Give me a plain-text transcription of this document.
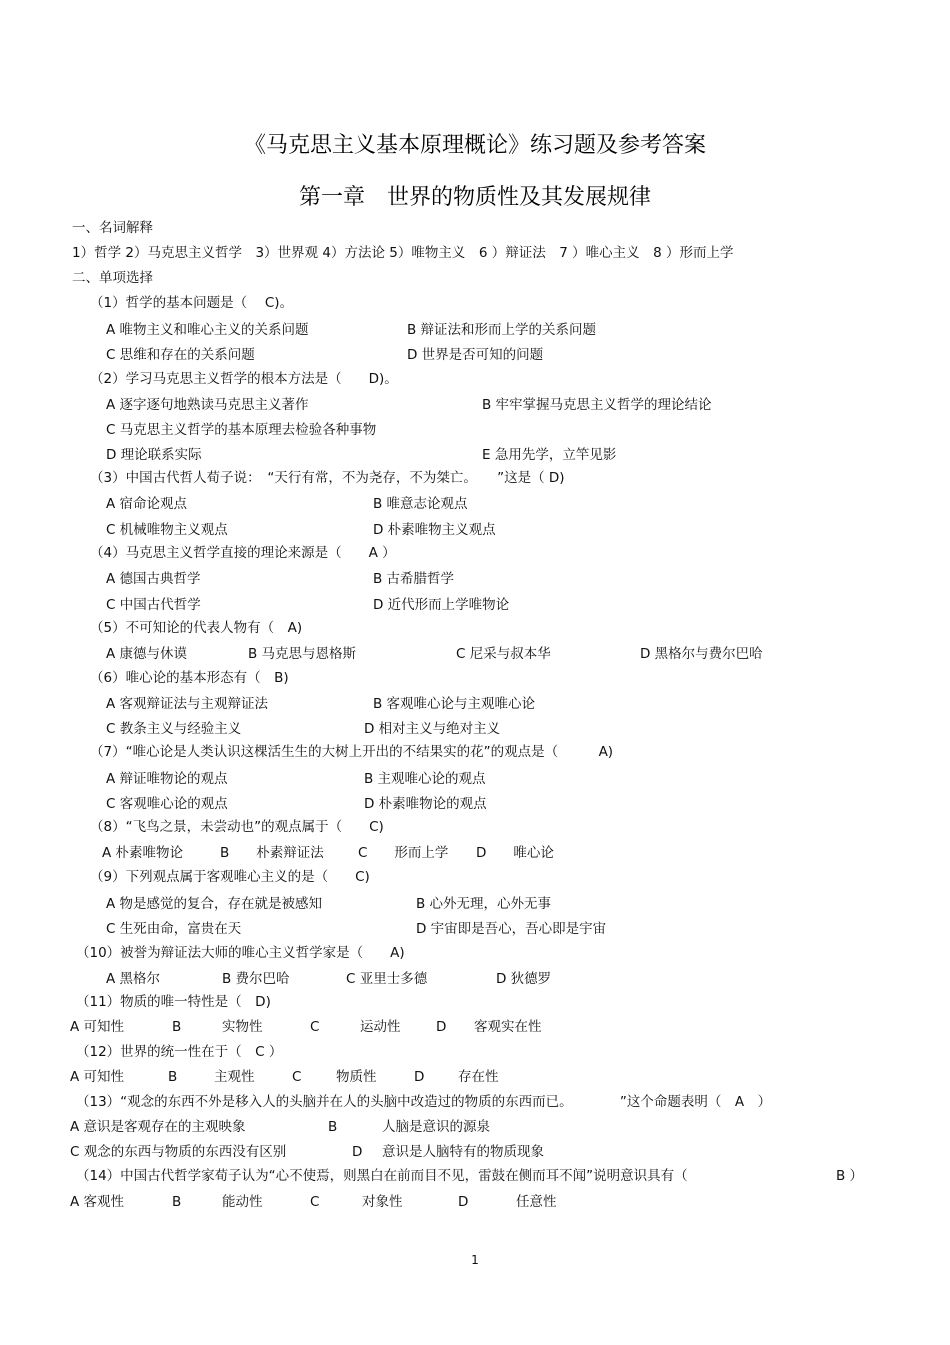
《马克思主义基本原理概论》练习题及参考答案
第一章　世界的物质性及其发展规律
一、名词解释
1）哲学 2）马克思主义哲学　3）世界观 4）方法论 5）唯物主义　6 ）辩证法　7 ）唯心主义　8 ）形而上学
二、单项选择
（1）哲学的基本问题是（　 C)。
A 唯物主义和唯心主义的关系问题	B 辩证法和形而上学的关系问题
C 思维和存在的关系问题	D 世界是否可知的问题
（2）学习马克思主义哲学的根本方法是（　　D)。
A 逐字逐句地熟读马克思主义著作	B 牢牢掌握马克思主义哲学的理论结论
C 马克思主义哲学的基本原理去检验各种事物
D 理论联系实际	E 急用先学，立竿见影
（3）中国古代哲人荀子说：　“天行有常，不为尧存，不为桀亡。　　”这是（ D)
A 宿命论观点	B 唯意志论观点
C 机械唯物主义观点	D 朴素唯物主义观点
（4）马克思主义哲学直接的理论来源是（　　A ）
A 德国古典哲学	B 古希腊哲学
C 中国古代哲学	D 近代形而上学唯物论
（5）不可知论的代表人物有（　A)
A 康德与休谟	B 马克思与恩格斯	C 尼采与叔本华	D 黑格尔与费尔巴哈
（6）唯心论的基本形态有（　B)
A 客观辩证法与主观辩证法	B 客观唯心论与主观唯心论
C 教条主义与经验主义	D 相对主义与绝对主义
（7）“唯心论是人类认识这棵活生生的大树上开出的不结果实的花”的观点是（　　　A)
A 辩证唯物论的观点	B 主观唯心论的观点
C 客观唯心论的观点	D 朴素唯物论的观点
（8）“飞鸟之景，未尝动也”的观点属于（　　C)
A 朴素唯物论	B　　朴素辩证法	C　　形而上学 D　　唯心论
（9）下列观点属于客观唯心主义的是（　　C)
A 物是感觉的复合，存在就是被感知	B 心外无理，心外无事
C 生死由命，富贵在天	D 宇宙即是吾心，吾心即是宇宙
（10）被誉为辩证法大师的唯心主义哲学家是（　　A)
A 黑格尔	B 费尔巴哈	C 亚里士多德	D 狄德罗
（11）物质的唯一特性是（　D)
A 可知性	B	实物性	C	运动性	D 客观实在性
（12）世界的统一性在于（　C ）
A 可知性	B	主观性	C	物质性	D 存在性
（13）“观念的东西不外是移入人的头脑并在人的头脑中改造过的物质的东西而已。　　　　”这个命题表明（　A　）
A 意识是客观存在的主观映象	B	人脑是意识的源泉
C 观念的东西与物质的东西没有区别	D 意识是人脑特有的物质现象
（14）中国古代哲学家荀子认为“心不使焉，则黑白在前而目不见，雷鼓在侧而耳不闻”说明意识具有（	B ）
A 客观性	B	能动性	C	对象性	D	任意性
1
